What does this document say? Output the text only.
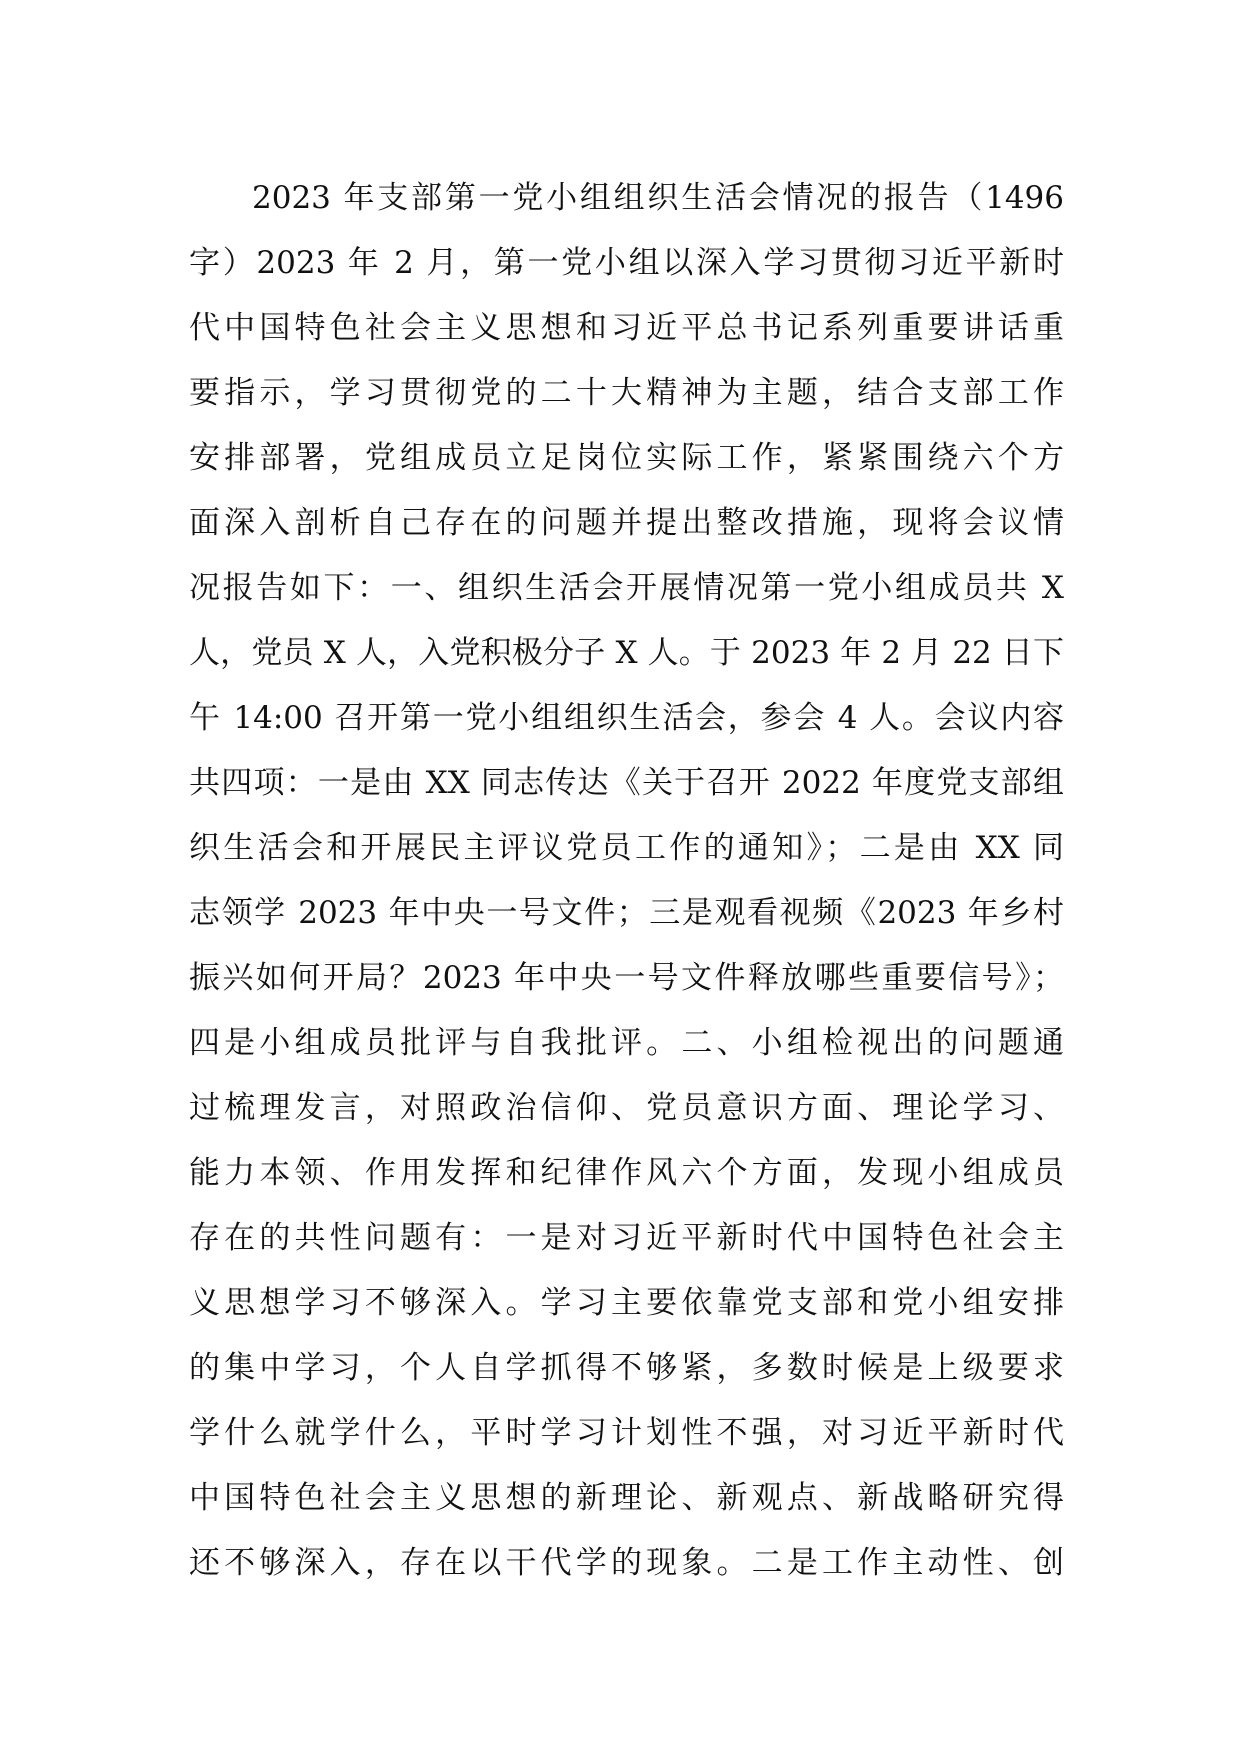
2023 年支部第一党小组组织生活会情况的报告（1496
字）2023 年 2 月，第一党小组以深入学习贯彻习近平新时
代中国特色社会主义思想和习近平总书记系列重要讲话重
要指示，学习贯彻党的二十大精神为主题，结合支部工作
安排部署，党组成员立足岗位实际工作，紧紧围绕六个方
面深入剖析自己存在的问题并提出整改措施，现将会议情
况报告如下：一、组织生活会开展情况第一党小组成员共 X
人，党员 X 人，入党积极分子 X 人。于 2023 年 2 月 22 日下
午 14:00 召开第一党小组组织生活会，参会 4 人。会议内容
共四项：一是由 XX 同志传达《关于召开 2022 年度党支部组
织生活会和开展民主评议党员工作的通知》；二是由 XX 同
志领学 2023 年中央一号文件；三是观看视频《2023 年乡村
振兴如何开局？2023 年中央一号文件释放哪些重要信号》；
四是小组成员批评与自我批评。二、小组检视出的问题通
过梳理发言，对照政治信仰、党员意识方面、理论学习、
能力本领、作用发挥和纪律作风六个方面，发现小组成员
存在的共性问题有：一是对习近平新时代中国特色社会主
义思想学习不够深入。学习主要依靠党支部和党小组安排
的集中学习，个人自学抓得不够紧，多数时候是上级要求
学什么就学什么，平时学习计划性不强，对习近平新时代
中国特色社会主义思想的新理论、新观点、新战略研究得
还不够深入，存在以干代学的现象。二是工作主动性、创
